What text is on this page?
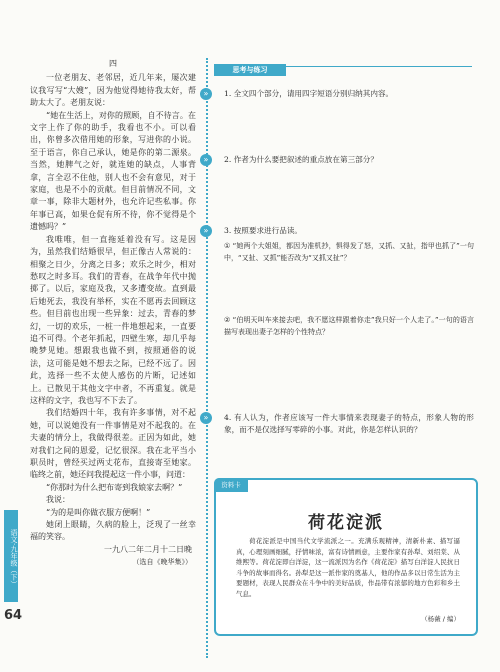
语文·九年级（下）
64
四

一位老朋友、老邻居，近几年来，屡次建议我写写“大嫂”，因为他觉得她待我太好，帮助太大了。老朋友说：

“她在生活上，对你的照顾，自不待言。在文字上作了你的助手，我看也不小。可以看出，你曾多次借用她的形象，写进你的小说。至于语言，你自己承认，她是你的第二源泉。当然，她脾气之好，就连她的缺点，人事背拿，言全忍不住他，别人也不会有意见，对于家庭，也是不小的贡献。但目前情况不同，文章一事，除非大题材外，也允许记些私事。你年事已高，如果仓促有所不待，你不觉得是个遗憾吗？”

我唯唯，但一直拖延着没有写。这是因为，虽然我们结婚很早，但正像古人常说的：相聚之日少，分离之日多；欢乐之时少，相对愁叹之时多耳。我们的青春，在战争年代中抛掷了。以后，家庭及我，又多遭变故。直到最后她死去，我没有举杯，实在不愿再去回顾这些。但目前也出现一些异象：过去，青春的梦幻，一切的欢乐，一桩一件地想起来，一直要追不可得。个老年抓起，四壁生寒，却几乎每晚梦见她。想跟我也做不到，按照通俗的说法，这可能是她不想去之际，已经不远了。因此，选择一些不太使人感伤的片断，记述如上。已散见于其他文字中者，不再重复。就是这样的文字，我也写不下去了。

我们结婚四十年，我有许多事情，对不起她，可以说她没有一件事情是对不起我的。在夫妻的情分上，我做得很差。正因为如此，她对我们之间的恩爱，记忆很深。我在北平当小职员时，曾经买过两丈花布，直接寄至她家。临终之前，她还问我提起这一件小事，问道：

“你那时为什么把布寄到我娘家去啊？”

我说：

“为的是叫你做衣服方便啊！”

她闭上眼睛，久病的脸上，泛现了一丝幸福的笑容。

一九八二年二月十二日晚

（选自《晚华集》）

»
»
»
»
思考与练习
1. 全文四个部分，请用四字短语分别归纳其内容。
2. 作者为什么要把叙述的重点放在第三部分？
3. 按照要求进行品读。
① “她两个大姐姐，都因为准机抄，惧得发了怒，又抓、又扯，指甲也抓了”一句中，“又扯、又抓”能否改为“又抓又扯”？
② “伯明天叫车来接去吧，我不愿这样跟着你走”我只好一个人走了。”一句的语言描写表现出妻子怎样的个性特点？
4. 有人认为，作者应该写一件大事情来表现妻子的特点，形象人物的形象，而不是仅选择写零碎的小事。对此，你是怎样认识的？
资料卡
荷花淀派
荷花淀派是中国当代文学流派之一。充满乐观精神，清新朴素、描写逼真，心理刻画细腻，抒情味浓，富有诗情画意，主要作家有孙犁、刘绍棠、从维熙等。荷花淀即白洋淀，这一流派因为名作《荷花淀》描写白洋淀人民抗日斗争的故事而得名。孙犁是这一派作家的奠基人，他的作品多以日常生活为主要题材，表现人民群众在斗争中的美好品质，作品带有浓郁的地方色彩和乡土气息。
（杨薇 / 编）
